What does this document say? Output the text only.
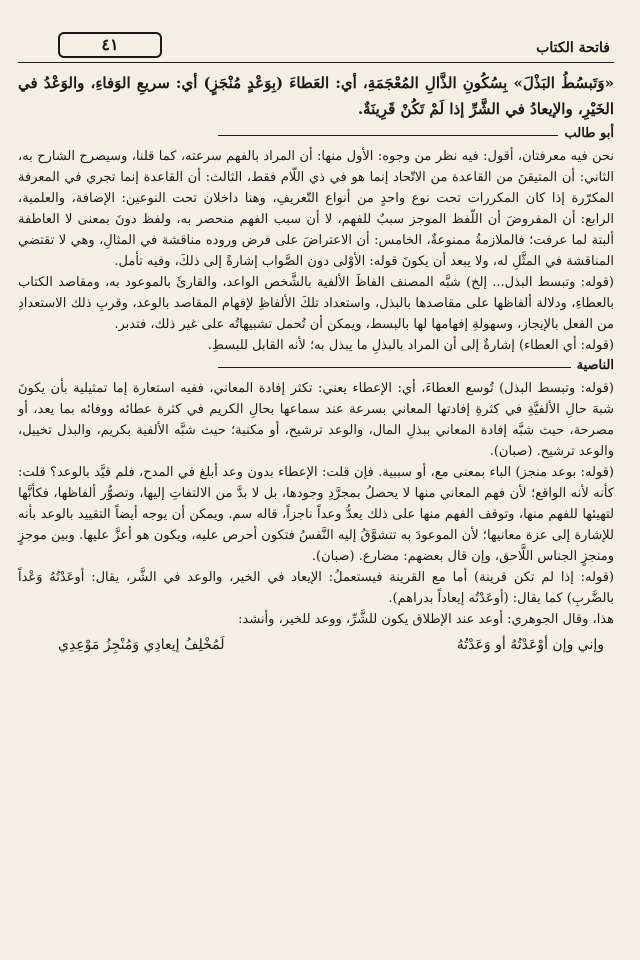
فاتحة الكتاب
٤١

«وَتَبسُطُ البَذْلَ» بِسُكُونِ الذَّالِ المُعْجَمَةِ، أي: العَطاءَ (بِوَعْدٍ مُنْجَزٍ) أي: سريعِ الوَفاءِ، والوَعْدُ في الخَيْرِ، والإيعادُ في الشَّرِّ إذا لَمْ تَكُنْ قَرِينَةٌ.

أبو طالب

نحن فيه معرفتان، أقول: فيه نظر من وجوه: الأول منها: أن المراد بالفهم سرعته، كما قلنا، وسيصرح الشارح به، الثاني: أن المتيقنَ من القاعدة من الاتّحاد إنما هو في ذي اللّام فقط، الثالث: أن القاعدة إنما تجري في المعرفة المكرّرة إذا كان المكررات تحت نوع واحدٍ من أنواع التّعريفِ، وهنا داخلان تحت النوعين: الإضافة، والعلمية، الرابع: أن المفروضَ أن اللّفظ الموجز سببٌ للفهم، لا أن سبب الفهم منحصر به، ولفظ دونَ بمعنى لا العاطفة ألبتة لما عرفت؛ فالملازمةُ ممنوعةٌ، الخامس: أن الاعتراضَ على فرض وروده مناقشة في المثالِ، وهي لا تقتضي المناقشة في المثَّلِ له، ولا يبعد أن يكونَ قوله: الأوْلى دون الصَّواب إشارةً إلى ذلكَ، وفيه تأمل.

(قوله: وتبسط البذل... إلخ) شبَّه المصنف الفاظَ الألفية بالشَّخص الواعد، والقارئَ بالموعود به، ومقاصد الكتاب بالعطاءِ، ودلالة ألفاظها على مقاصدها بالبذل، واستعداد تلكَ الألفاظِ لإفهام المقاصد بالوعد، وقربِ ذلك الاستعدادِ من الفعل بالإيجاز، وسهولةِ إفهامها لها بالبسط، ويمكن أن تُحمل تشبيهاتُه على غير ذلك، فتدبر.

(قوله: أي العطاء) إشارةٌ إلى أن المراد بالبذلِ ما يبذل به؛ لأنه القابل للبسطِ.

الناصية

(قوله: وتبسط البذل) تُوسع العطاءَ، أي: الإعطاء يعني: تكثر إفادة المعاني، ففيه استعارة إما تمثيلية بأن يكونَ شبهَ حالِ الألفيَّةِ في كثرةِ إفادتها المعاني بسرعة عند سماعها بحالِ الكريم في كثرة عطائه ووفائه بما يعد، أو مصرحة، حيث شبَّه إفادة المعاني ببذلِ المال، والوعد ترشيح، أو مكنية؛ حيث شبَّه الألفية بكريم، والبذل تخييل، والوعد ترشيح. (صبان).

(قوله: بوعد منجز) الباء بمعنى مع، أو سببية. فإن قلت: الإعطاء بدون وعد أبلغ في المدح، فلم قيَّد بالوعد؟ قلت: كأنه لأنه الواقع؛ لأن فهم المعاني منها لا يحصلُ بمجرَّدِ وجودها، بل لا بدَّ من الالتفاتِ إليها، وتصوُّر ألفاظها، فكأنَّها لتهيئها للفهم منها، وتوقف الفهم منها على ذلك يعدُّ وعداً ناجزاً، قاله سم. ويمكن أن يوجه أيضاً التقييد بالوعد بأنه للإشارة إلى عزة معانيها؛ لأن الموعودَ به تتشوَّقُ إليه النَّفسُ فتكون أحرص عليه، ويكون هو أعزَّ عليها. وبين موجزٍ ومنجزٍ الجناس اللَّاحق، وإن قال بعضهم: مضارع. (صبان).

(قوله: إذا لم تكن قرينة) أما مع القرينة فيستعملُ: الإيعاد في الخير، والوعد في الشَّر، يقال: أوعَدْتُهُ وَعْداً بالضَّربِ) كما يقال: (أوعَدْتُه إيعاداً بدراهم).

هذا، وقال الجوهري: أوعد عند الإطلاق يكون للشَّرِّ، ووعد للخير، وأنشد:

وإني وإن أوْعَدْتُهُ أو وَعَدْتُهُ
لَمُخْلِفُ إيعادِي وَمُنْجِزُ مَوْعِدِي
